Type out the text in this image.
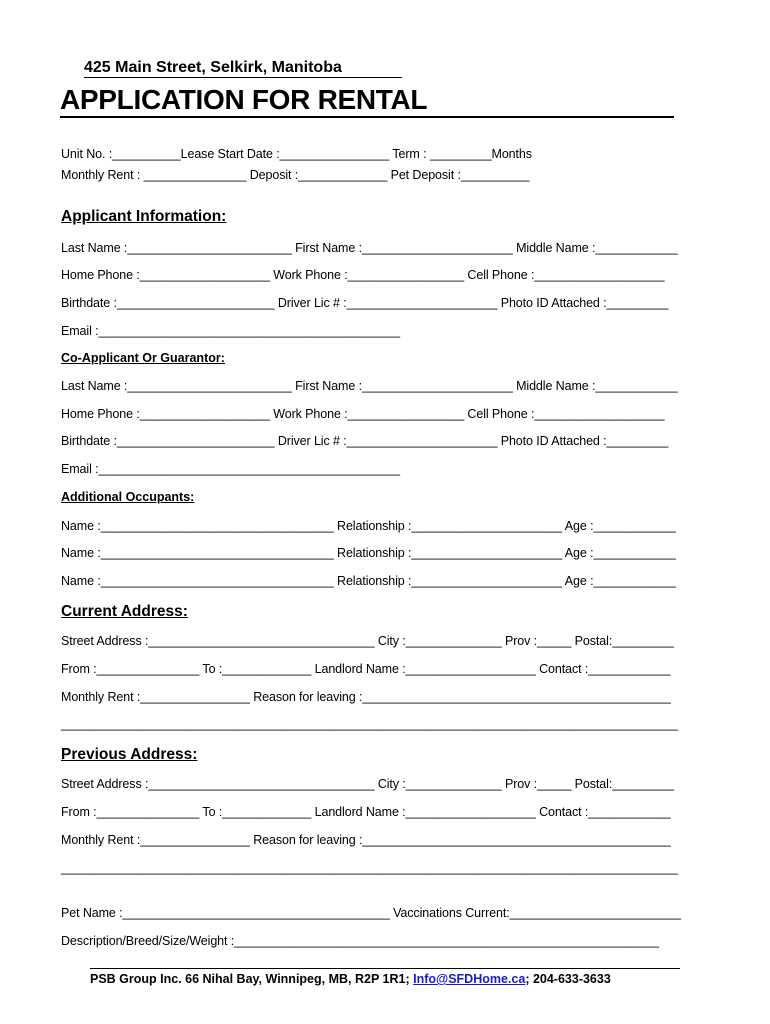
425 Main Street, Selkirk, Manitoba
APPLICATION FOR RENTAL
Unit No. :__________Lease Start Date :________________ Term : _________Months
Monthly Rent : _______________ Deposit :_____________ Pet Deposit :__________
Applicant Information:
Last Name :________________________ First Name :______________________ Middle Name :____________
Home Phone :___________________ Work Phone :_________________ Cell Phone :___________________
Birthdate :_______________________ Driver Lic # :______________________ Photo ID Attached :_________
Email :____________________________________________
Co-Applicant Or Guarantor:
Last Name :________________________ First Name :______________________ Middle Name :____________
Home Phone :___________________ Work Phone :_________________ Cell Phone :___________________
Birthdate :_______________________ Driver Lic # :______________________ Photo ID Attached :_________
Email :____________________________________________
Additional Occupants:
Name :__________________________________ Relationship :______________________ Age :____________
Name :__________________________________ Relationship :______________________ Age :____________
Name :__________________________________ Relationship :______________________ Age :____________
Current Address:
Street Address :_________________________________ City :______________ Prov :_____ Postal:_________
From :_______________ To :_____________ Landlord Name :___________________ Contact :____________
Monthly Rent :________________ Reason for leaving :_____________________________________________
__________________________________________________________________________________________
Previous Address:
Street Address :_________________________________ City :______________ Prov :_____ Postal:_________
From :_______________ To :_____________ Landlord Name :___________________ Contact :____________
Monthly Rent :________________ Reason for leaving :_____________________________________________
__________________________________________________________________________________________
Pet Name :_______________________________________ Vaccinations Current:_________________________
Description/Breed/Size/Weight :______________________________________________________________
PSB Group Inc. 66 Nihal Bay, Winnipeg, MB, R2P 1R1; Info@SFDHome.ca; 204-633-3633
